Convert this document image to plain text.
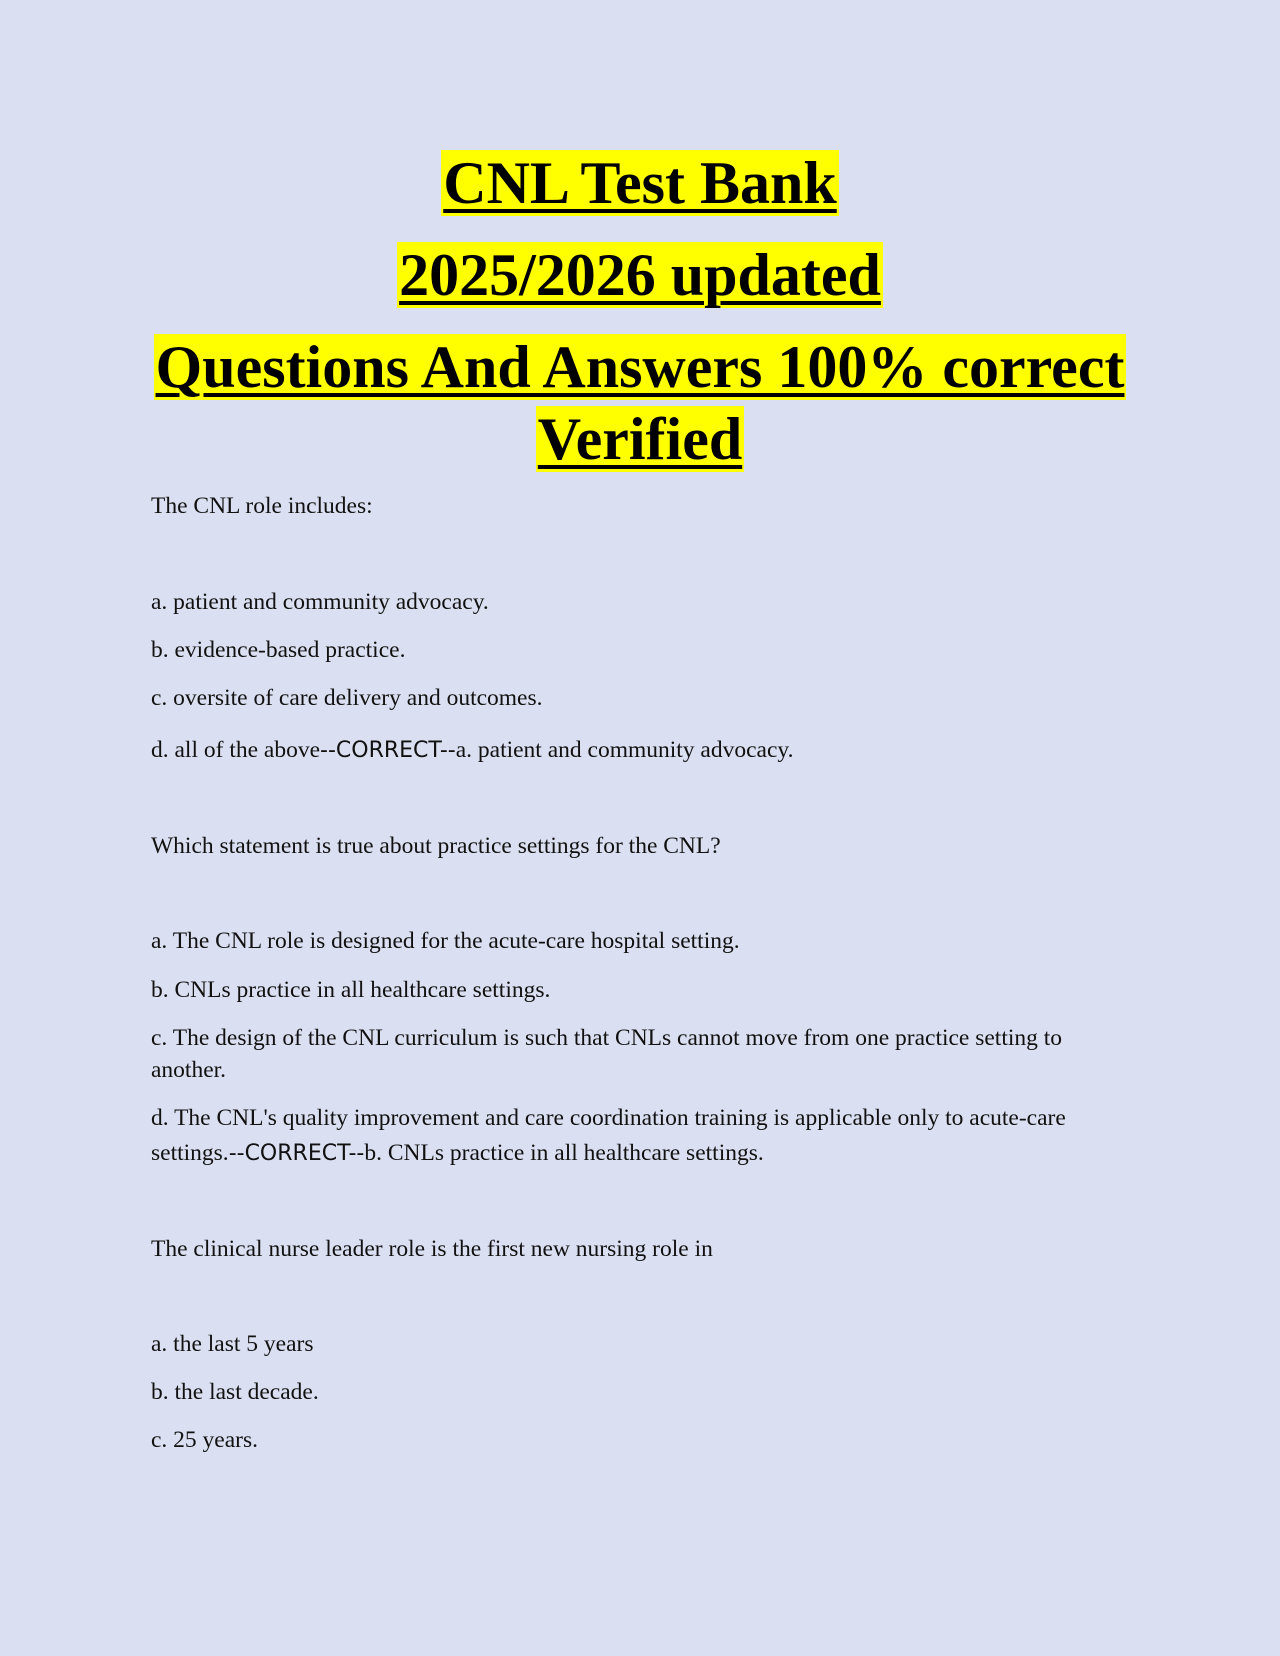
CNL Test Bank
2025/2026 updated
Questions And Answers 100% correct
Verified
The CNL role includes:
a. patient and community advocacy.
b. evidence-based practice.
c. oversite of care delivery and outcomes.
d. all of the above--CORRECT--a. patient and community advocacy.
Which statement is true about practice settings for the CNL?
a. The CNL role is designed for the acute-care hospital setting.
b. CNLs practice in all healthcare settings.
c. The design of the CNL curriculum is such that CNLs cannot move from one practice setting to another.
d. The CNL's quality improvement and care coordination training is applicable only to acute-care settings.--CORRECT--b. CNLs practice in all healthcare settings.
The clinical nurse leader role is the first new nursing role in
a. the last 5 years
b. the last decade.
c. 25 years.
